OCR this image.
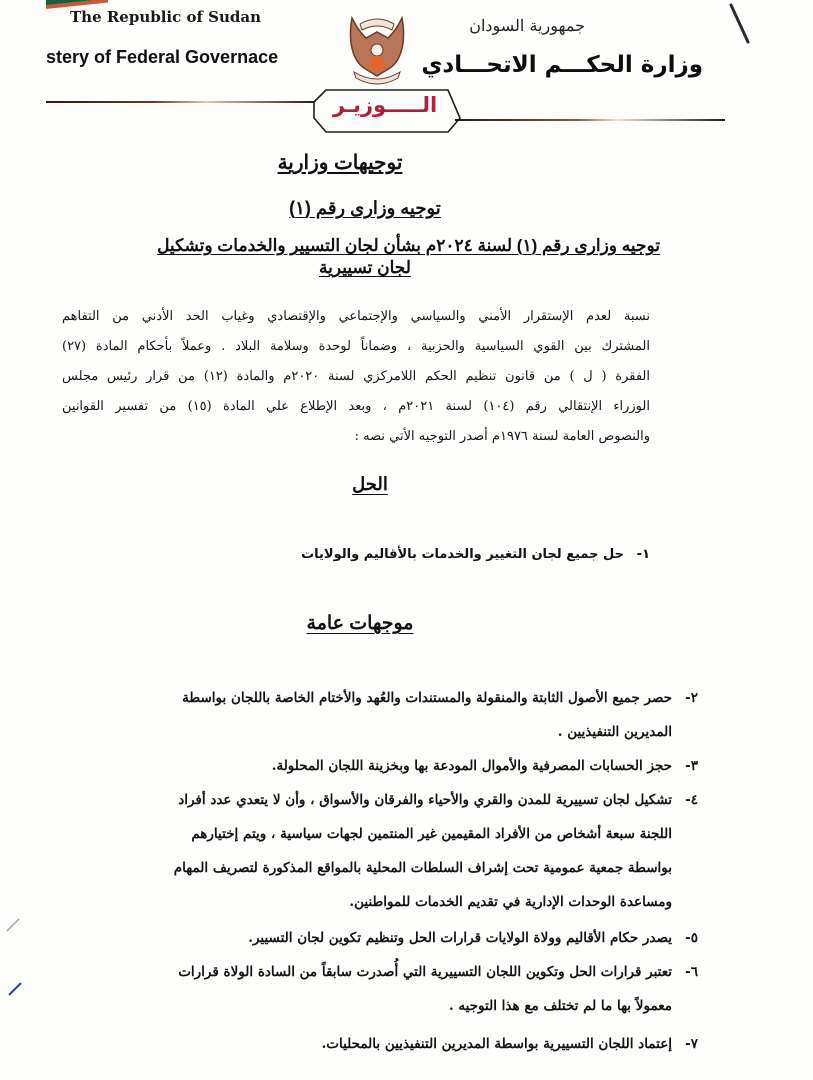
The Republic of Sudan
stery of Federal Governace
جمهورية السودان
وزارة الحكـــم الاتحـــادي
الـــــوزيـر
توجيهات وزارية
توجيه وزارى رقم (١)
توجيه وزارى رقم (١) لسنة ٢٠٢٤م بشأن لجان التسيير والخدمات وتشكيل
لجان تسييرية
نسبة لعدم الإستقرار الأمني والسياسي والإجتماعي والإقتصادي وغياب الحد الأدني من التفاهم
المشترك بين القوي السياسية والحزبية ، وضماناً لوحدة وسلامة البلاد . وعملاً بأحكام المادة (٢٧)
الفقرة ( ل ) من قانون تنظيم الحكم اللامركزي لسنة ٢٠٢٠م والمادة (١٢) من قرار رئيس مجلس
الوزراء الإنتقالي رقم (١٠٤) لسنة ٢٠٢١م ، وبعد الإطلاع علي المادة (١٥) من تفسير القوانين
والنصوص العامة لسنة ١٩٧٦م أصدر التوجيه الأتي نصه :
الحل
١-حل جميع لجان التغيير والخدمات بالأقاليم والولايات
موجهات عامة
٢-حصر جميع الأصول الثابتة والمنقولة والمستندات والعُهد والأختام الخاصة باللجان بواسطة
المديرين التنفيذيين .
٣-حجز الحسابات المصرفية والأموال المودعة بها وبخزينة اللجان المحلولة.
٤-تشكيل لجان تسييرية للمدن والقري والأحياء والفرقان والأسواق ، وأن لا يتعدي عدد أفراد
اللجنة سبعة أشخاص من الأفراد المقيمين غير المنتمين لجهات سياسية ، ويتم إختيارهم
بواسطة جمعية عمومية تحت إشراف السلطات المحلية بالمواقع المذكورة لتصريف المهام
ومساعدة الوحدات الإدارية في تقديم الخدمات للمواطنين.
٥-يصدر حكام الأقاليم وولاة الولايات قرارات الحل وتنظيم تكوين لجان التسيير.
٦-تعتبر قرارات الحل وتكوين اللجان التسييرية التي أُصدرت سابقاً من السادة الولاة قرارات
معمولاً بها ما لم تختلف مع هذا التوجيه .
٧-إعتماد اللجان التسييرية بواسطة المديرين التنفيذيين بالمحليات.
